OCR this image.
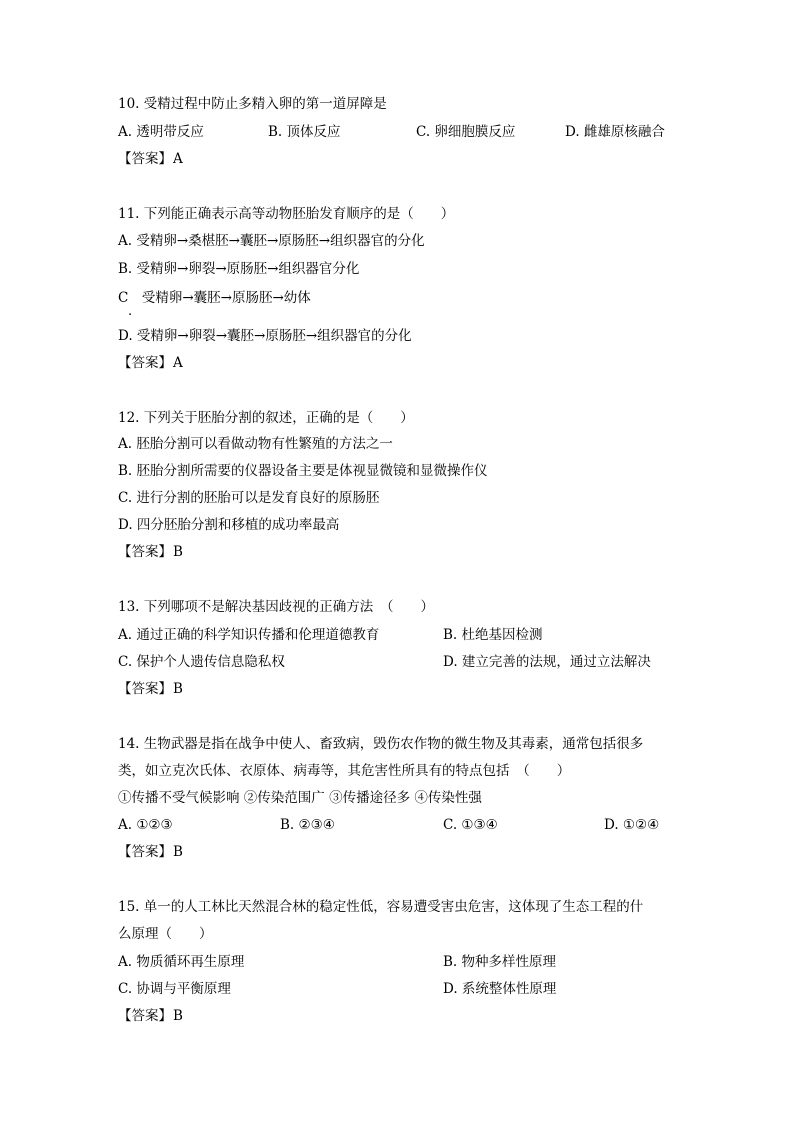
10. 受精过程中防止多精入卵的第一道屏障是
A. 透明带反应	B. 顶体反应	C. 卵细胞膜反应	D. 雌雄原核融合
【答案】A
11. 下列能正确表示高等动物胚胎发育顺序的是（　　）
A. 受精卵→桑椹胚→囊胚→原肠胚→组织器官的分化
B. 受精卵→卵裂→原肠胚→组织器官分化
C　受精卵→囊胚→原肠胚→幼体
.
D. 受精卵→卵裂→囊胚→原肠胚→组织器官的分化
【答案】A
12. 下列关于胚胎分割的叙述，正确的是（　　）
A. 胚胎分割可以看做动物有性繁殖的方法之一
B. 胚胎分割所需要的仪器设备主要是体视显微镜和显微操作仪
C. 进行分割的胚胎可以是发育良好的原肠胚
D. 四分胚胎分割和移植的成功率最高
【答案】B
13. 下列哪项不是解决基因歧视的正确方法　（　　）
A. 通过正确的科学知识传播和伦理道德教育	B. 杜绝基因检测
C. 保护个人遗传信息隐私权	D. 建立完善的法规，通过立法解决
【答案】B
14. 生物武器是指在战争中使人、畜致病，毁伤农作物的微生物及其毒素，通常包括很多
类，如立克次氏体、衣原体、病毒等，其危害性所具有的特点包括　（　　）
①传播不受气候影响 ②传染范围广 ③传播途径多 ④传染性强
A. ①②③	B. ②③④	C. ①③④	D. ①②④
【答案】B
15. 单一的人工林比天然混合林的稳定性低，容易遭受害虫危害，这体现了生态工程的什
么原理（　　）
A. 物质循环再生原理	B. 物种多样性原理
C. 协调与平衡原理	D. 系统整体性原理
【答案】B
